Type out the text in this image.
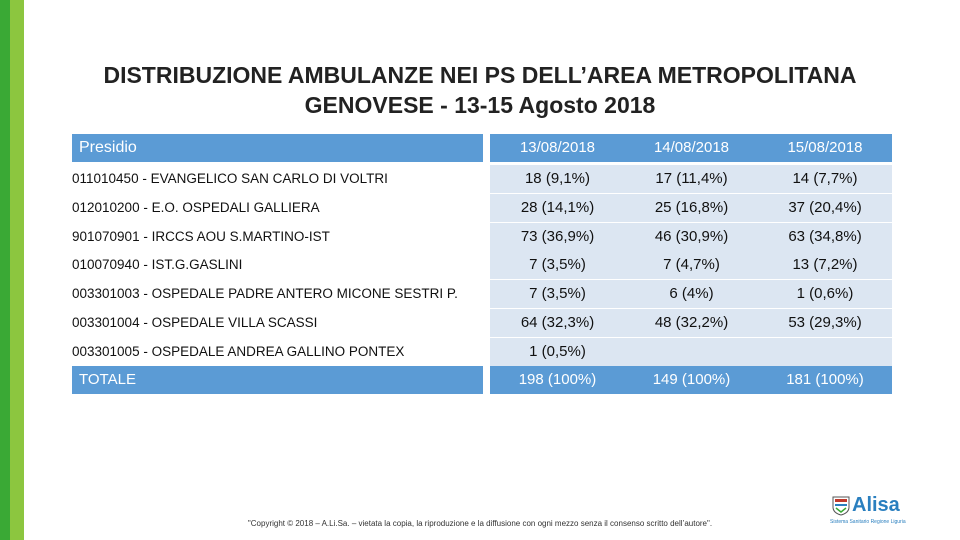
DISTRIBUZIONE AMBULANZE NEI PS DELL’AREA METROPOLITANA
GENOVESE - 13-15 Agosto 2018
Presidio	13/08/2018	14/08/2018	15/08/2018
011010450 - EVANGELICO SAN CARLO DI VOLTRI	18 (9,1%)	17 (11,4%)	14 (7,7%)
012010200 - E.O. OSPEDALI GALLIERA	28 (14,1%)	25 (16,8%)	37 (20,4%)
901070901 - IRCCS AOU S.MARTINO-IST	73 (36,9%)	46 (30,9%)	63 (34,8%)
010070940 - IST.G.GASLINI	7 (3,5%)	7 (4,7%)	13 (7,2%)
003301003 - OSPEDALE PADRE ANTERO MICONE SESTRI P.	7 (3,5%)	6 (4%)	1 (0,6%)
003301004 - OSPEDALE VILLA SCASSI	64 (32,3%)	48 (32,2%)	53 (29,3%)
003301005 - OSPEDALE ANDREA GALLINO PONTEX	1 (0,5%)
TOTALE	198 (100%)	149 (100%)	181 (100%)
"Copyright © 2018 – A.Li.Sa. – vietata la copia, la riproduzione e la diffusione con ogni mezzo senza il consenso scritto dell’autore".
Alisa
Sistema Sanitario Regione Liguria
